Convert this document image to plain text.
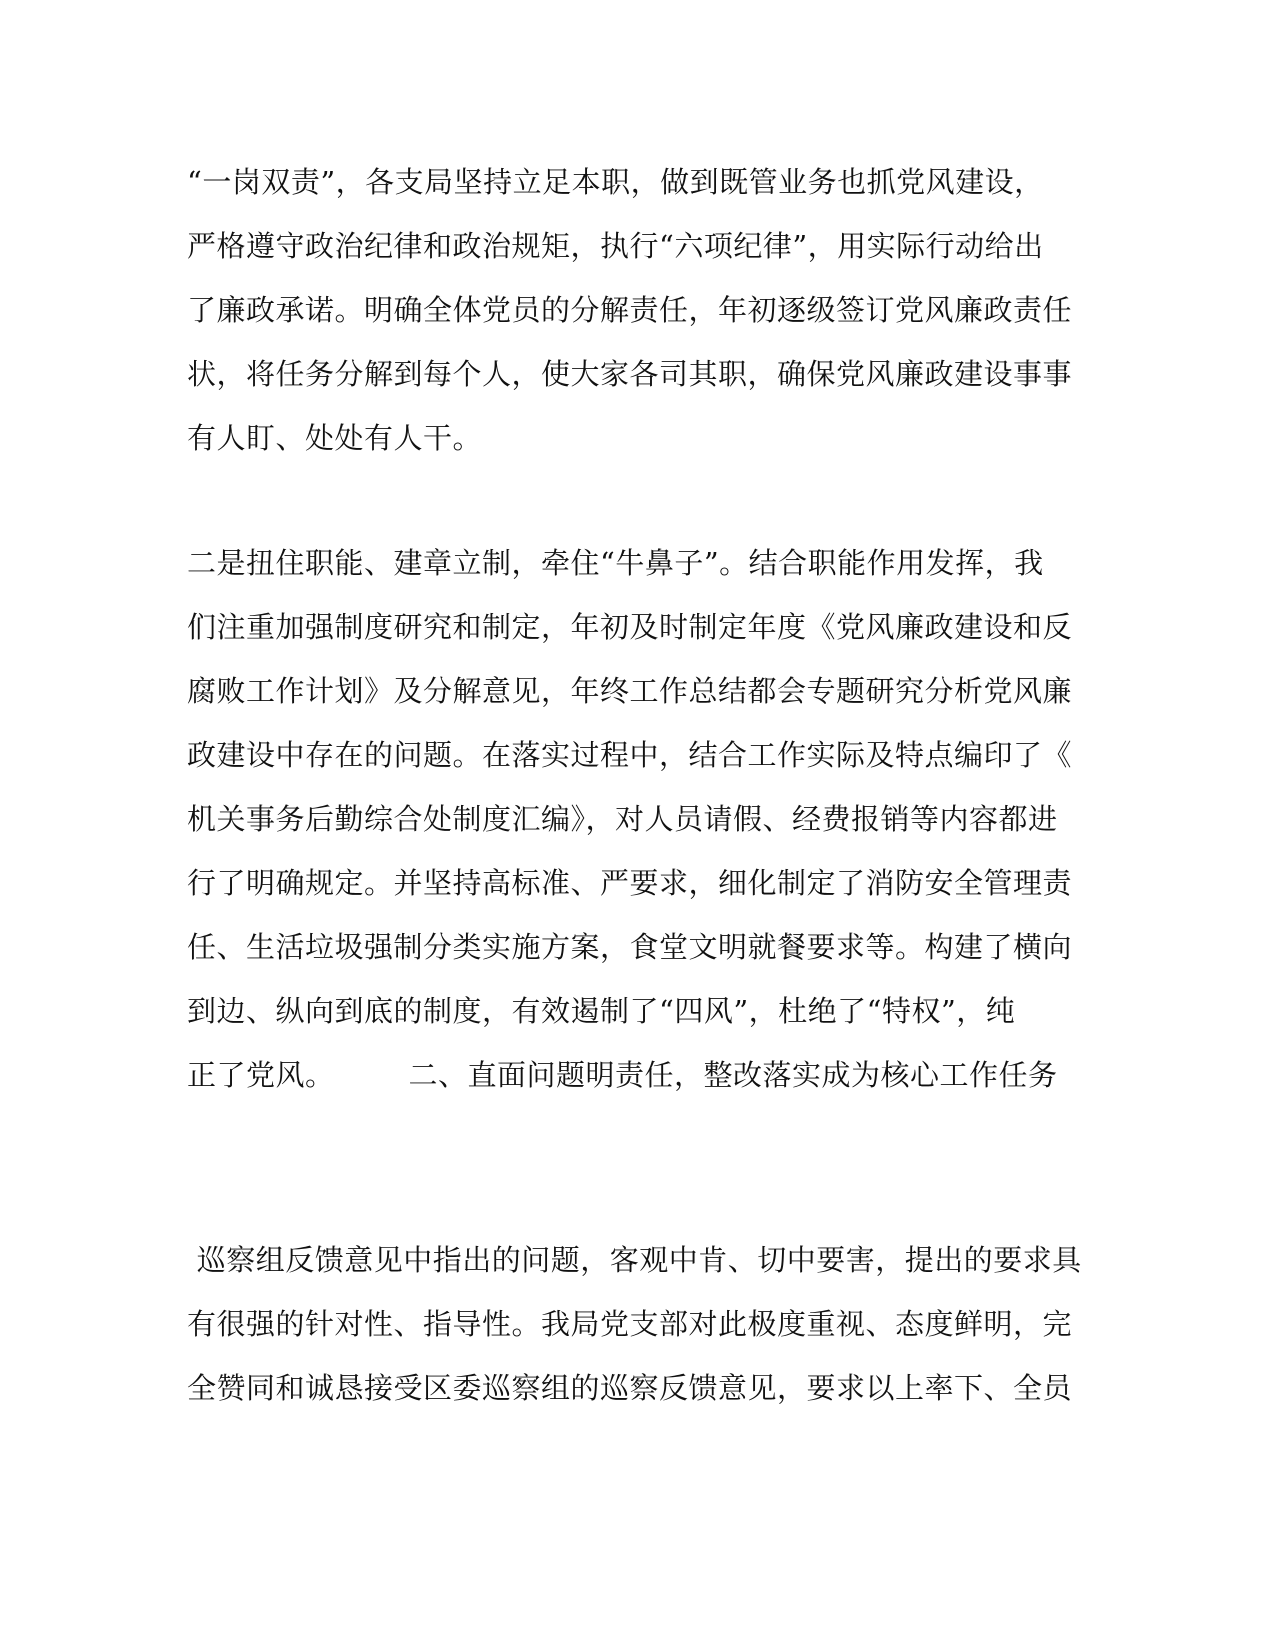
“一岗双责”，各支局坚持立足本职，做到既管业务也抓党风建设，
严格遵守政治纪律和政治规矩，执行“六项纪律”，用实际行动给出
了廉政承诺。明确全体党员的分解责任，年初逐级签订党风廉政责任
状，将任务分解到每个人，使大家各司其职，确保党风廉政建设事事
有人盯、处处有人干。
二是扭住职能、建章立制，牵住“牛鼻子”。结合职能作用发挥，我
们注重加强制度研究和制定，年初及时制定年度《党风廉政建设和反
腐败工作计划》及分解意见，年终工作总结都会专题研究分析党风廉
政建设中存在的问题。在落实过程中，结合工作实际及特点编印了《
机关事务后勤综合处制度汇编》，对人员请假、经费报销等内容都进
行了明确规定。并坚持高标准、严要求，细化制定了消防安全管理责
任、生活垃圾强制分类实施方案，食堂文明就餐要求等。构建了横向
到边、纵向到底的制度，有效遏制了“四风”，杜绝了“特权”，纯
正了党风。　　　二、直面问题明责任，整改落实成为核心工作任务
巡察组反馈意见中指出的问题，客观中肯、切中要害，提出的要求具
有很强的针对性、指导性。我局党支部对此极度重视、态度鲜明，完
全赞同和诚恳接受区委巡察组的巡察反馈意见，要求以上率下、全员
